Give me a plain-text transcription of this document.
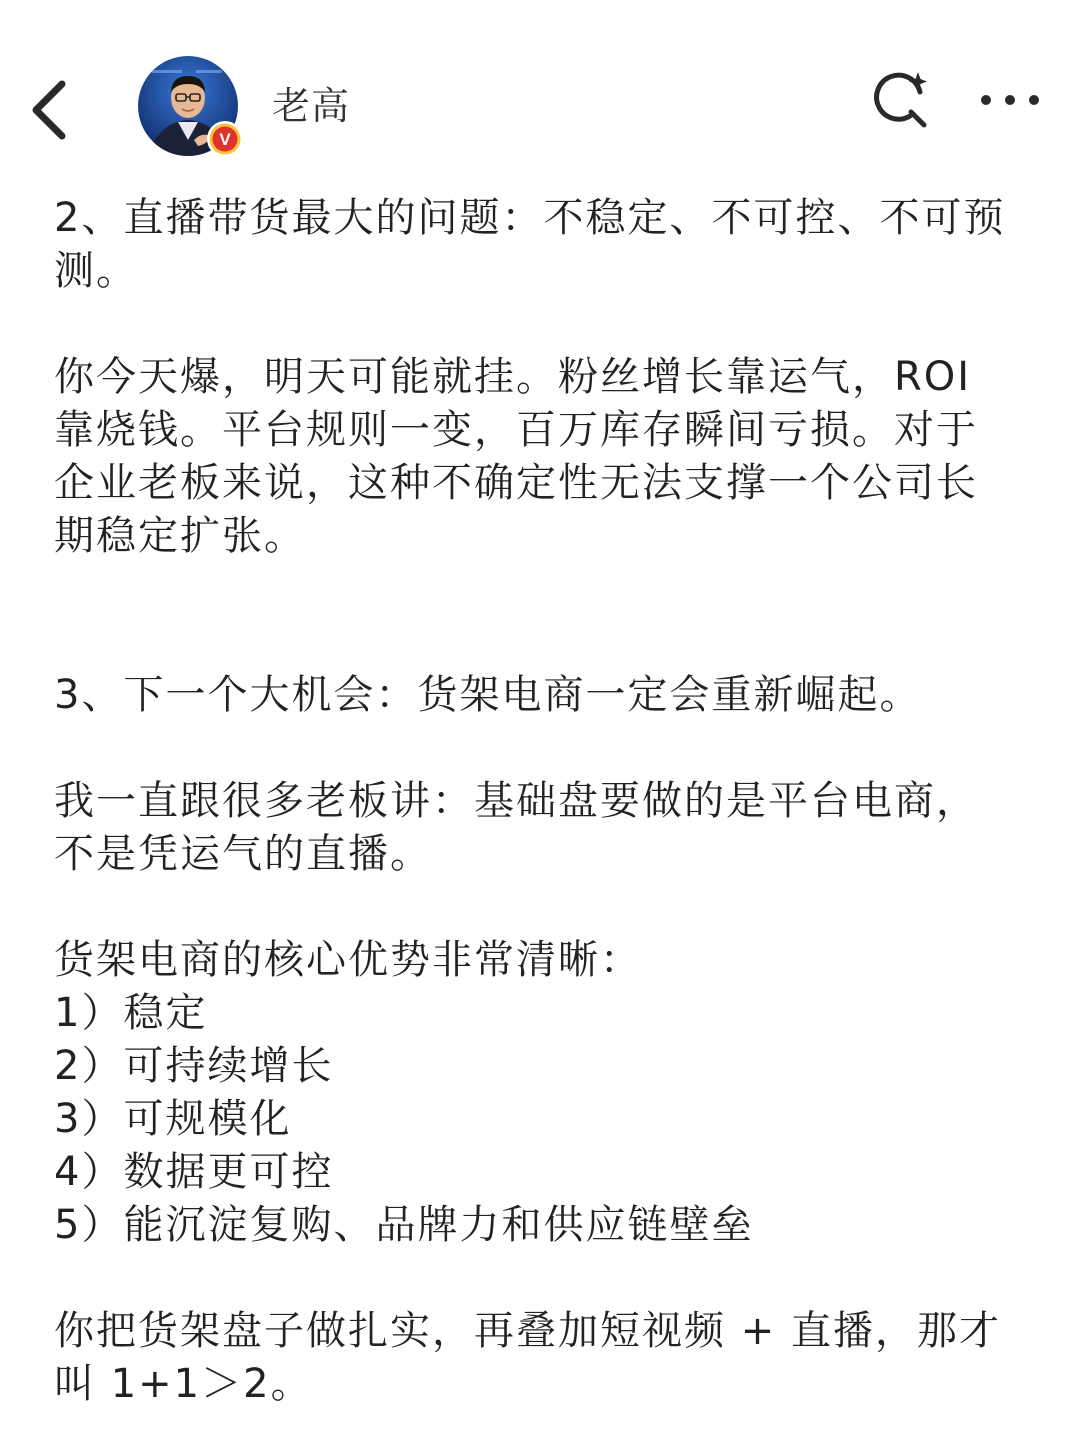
V
老高
2、直播带货最大的问题：不稳定、不可控、不可预
测。
你今天爆，明天可能就挂。粉丝增长靠运气，ROI
靠烧钱。平台规则一变，百万库存瞬间亏损。对于
企业老板来说，这种不确定性无法支撑一个公司长
期稳定扩张。
3、下一个大机会：货架电商一定会重新崛起。
我一直跟很多老板讲：基础盘要做的是平台电商，
不是凭运气的直播。
货架电商的核心优势非常清晰：
1）稳定
2）可持续增长
3）可规模化
4）数据更可控
5）能沉淀复购、品牌力和供应链壁垒
你把货架盘子做扎实，再叠加短视频 + 直播，那才
叫 1+1＞2。
